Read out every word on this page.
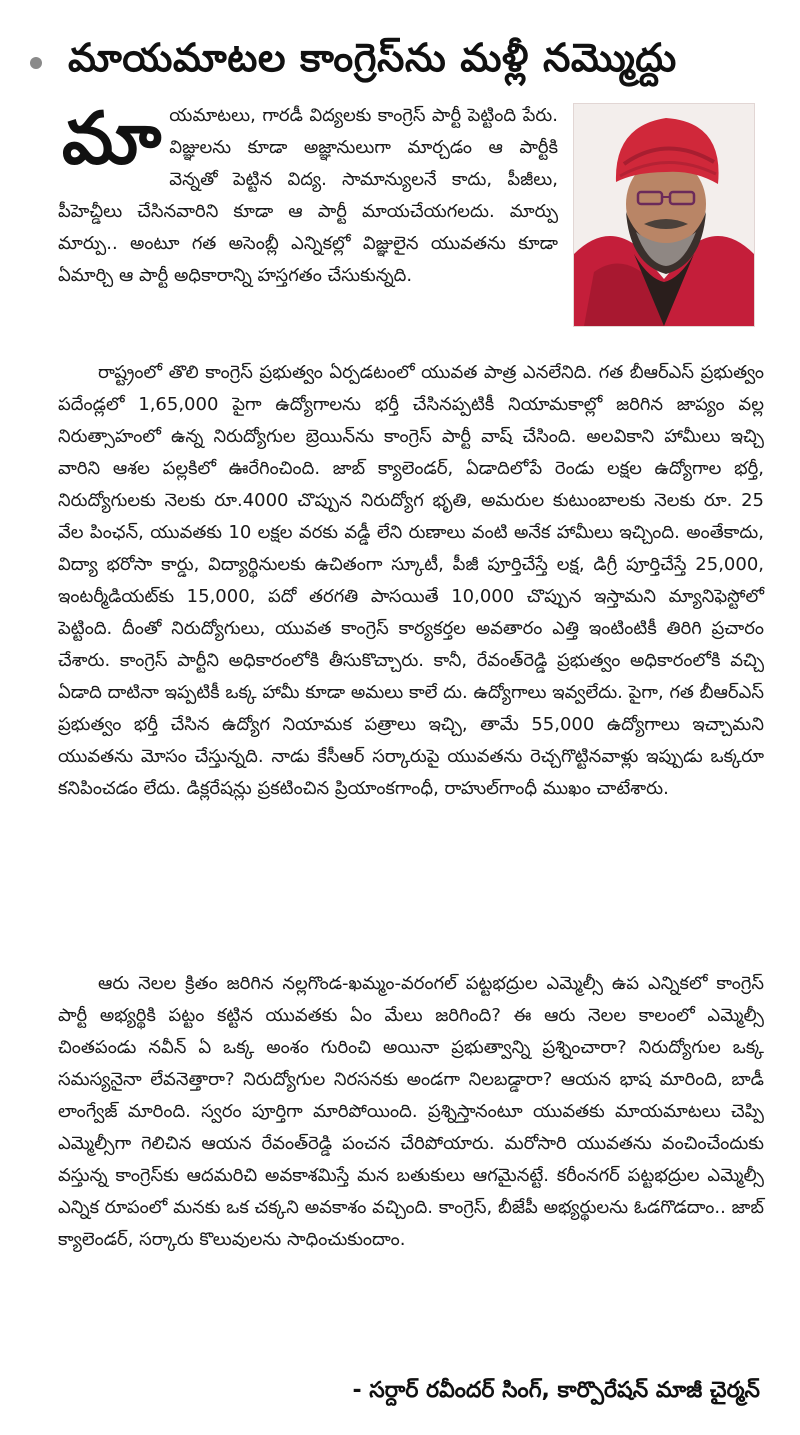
మాయమాటల కాంగ్రెస్‌ను మళ్లీ నమ్మొద్దు
మాయమాటలు, గారడీ విద్యలకు కాంగ్రెస్‌ పార్టీ పెట్టింది పేరు. విజ్ఞులను కూడా అజ్ఞానులుగా మార్చడం ఆ పార్టీకి వెన్నతో పెట్టిన విద్య. సామాన్యులనే కాదు, పీజీలు, పీహెచ్డీలు చేసినవారిని కూడా ఆ పార్టీ మాయచేయగలదు. మార్పు మార్పు.. అంటూ గత అసెంబ్లీ ఎన్నికల్లో విజ్ఞులైన యువతను కూడా ఏమార్చి ఆ పార్టీ అధికారాన్ని హస్తగతం చేసుకున్నది.

రాష్ట్రంలో తొలి కాంగ్రెస్‌ ప్రభుత్వం ఏర్పడటంలో యువత పాత్ర ఎనలేనిది. గత బీఆర్‌ఎస్‌ ప్రభుత్వం పదేండ్లలో 1,65,000 పైగా ఉద్యోగాలను భర్తీ చేసినప్పటికీ నియామకాల్లో జరిగిన జాప్యం వల్ల నిరుత్సాహంలో ఉన్న నిరుద్యోగుల బ్రెయిన్‌ను కాంగ్రెస్‌ పార్టీ వాష్‌ చేసింది. అలవికాని హామీలు ఇచ్చి వారిని ఆశల పల్లకిలో ఊరేగించింది. జాబ్‌ క్యాలెండర్‌, ఏడాదిలోపే రెండు లక్షల ఉద్యోగాల భర్తీ, నిరుద్యోగులకు నెలకు రూ.4000 చొప్పున నిరుద్యోగ భృతి, అమరుల కుటుంబాలకు నెలకు రూ. 25 వేల పింఛన్‌, యువతకు 10 లక్షల వరకు వడ్డీ లేని రుణాలు వంటి అనేక హామీలు ఇచ్చింది. అంతేకాదు, విద్యా భరోసా కార్డు, విద్యార్థినులకు ఉచితంగా స్కూటీ, పీజీ పూర్తిచేస్తే లక్ష, డిగ్రీ పూర్తిచేస్తే 25,000, ఇంటర్మీడియట్‌కు 15,000, పదో తరగతి పాసయితే 10,000 చొప్పున ఇస్తామని మ్యానిఫెస్టోలో పెట్టింది. దీంతో నిరుద్యోగులు, యువత కాంగ్రెస్‌ కార్యకర్తల అవతారం ఎత్తి ఇంటింటికీ తిరిగి ప్రచారం చేశారు. కాంగ్రెస్‌ పార్టీని అధికారంలోకి తీసుకొచ్చారు. కానీ, రేవంత్‌రెడ్డి ప్రభుత్వం అధికారంలోకి వచ్చి ఏడాది దాటినా ఇప్పటికీ ఒక్క హామీ కూడా అమలు కాలే దు. ఉద్యోగాలు ఇవ్వలేదు. పైగా, గత బీఆర్‌ఎస్‌ ప్రభుత్వం భర్తీ చేసిన ఉద్యోగ నియామక పత్రాలు ఇచ్చి, తామే 55,000 ఉద్యోగాలు ఇచ్చామని యువతను మోసం చేస్తున్నది. నాడు కేసీఆర్‌ సర్కారుపై యువతను రెచ్చగొట్టినవాళ్లు ఇప్పుడు ఒక్కరూ కనిపించడం లేదు. డిక్లరేషన్లు ప్రకటించిన ప్రియాంకగాంధీ, రాహుల్‌గాంధీ ముఖం చాటేశారు.

ఆరు నెలల క్రితం జరిగిన నల్లగొండ-ఖమ్మం-వరంగల్‌ పట్టభద్రుల ఎమ్మెల్సీ ఉప ఎన్నికలో కాంగ్రెస్‌ పార్టీ అభ్యర్థికి పట్టం కట్టిన యువతకు ఏం మేలు జరిగింది? ఈ ఆరు నెలల కాలంలో ఎమ్మెల్సీ చింతపండు నవీన్‌ ఏ ఒక్క అంశం గురించి అయినా ప్రభుత్వాన్ని ప్రశ్నించారా? నిరుద్యోగుల ఒక్క సమస్యనైనా లేవనెత్తారా? నిరుద్యోగుల నిరసనకు అండగా నిలబడ్డారా? ఆయన భాష మారింది, బాడీ లాంగ్వేజ్‌ మారింది. స్వరం పూర్తిగా మారిపోయింది. ప్రశ్నిస్తానంటూ యువతకు మాయమాటలు చెప్పి ఎమ్మెల్సీగా గెలిచిన ఆయన రేవంత్‌రెడ్డి పంచన చేరిపోయారు. మరోసారి యువతను వంచించేందుకు వస్తున్న కాంగ్రెస్‌కు ఆదమరిచి అవకాశమిస్తే మన బతుకులు ఆగమైనట్టే. కరీంనగర్‌ పట్టభద్రుల ఎమ్మెల్సీ ఎన్నిక రూపంలో మనకు ఒక చక్కని అవకాశం వచ్చింది. కాంగ్రెస్‌, బీజేపీ అభ్యర్థులను ఓడగొడదాం.. జాబ్‌ క్యాలెండర్‌, సర్కారు కొలువులను సాధించుకుందాం.

- సర్దార్‌ రవీందర్‌ సింగ్‌, కార్పొరేషన్‌ మాజీ చైర్మన్‌
